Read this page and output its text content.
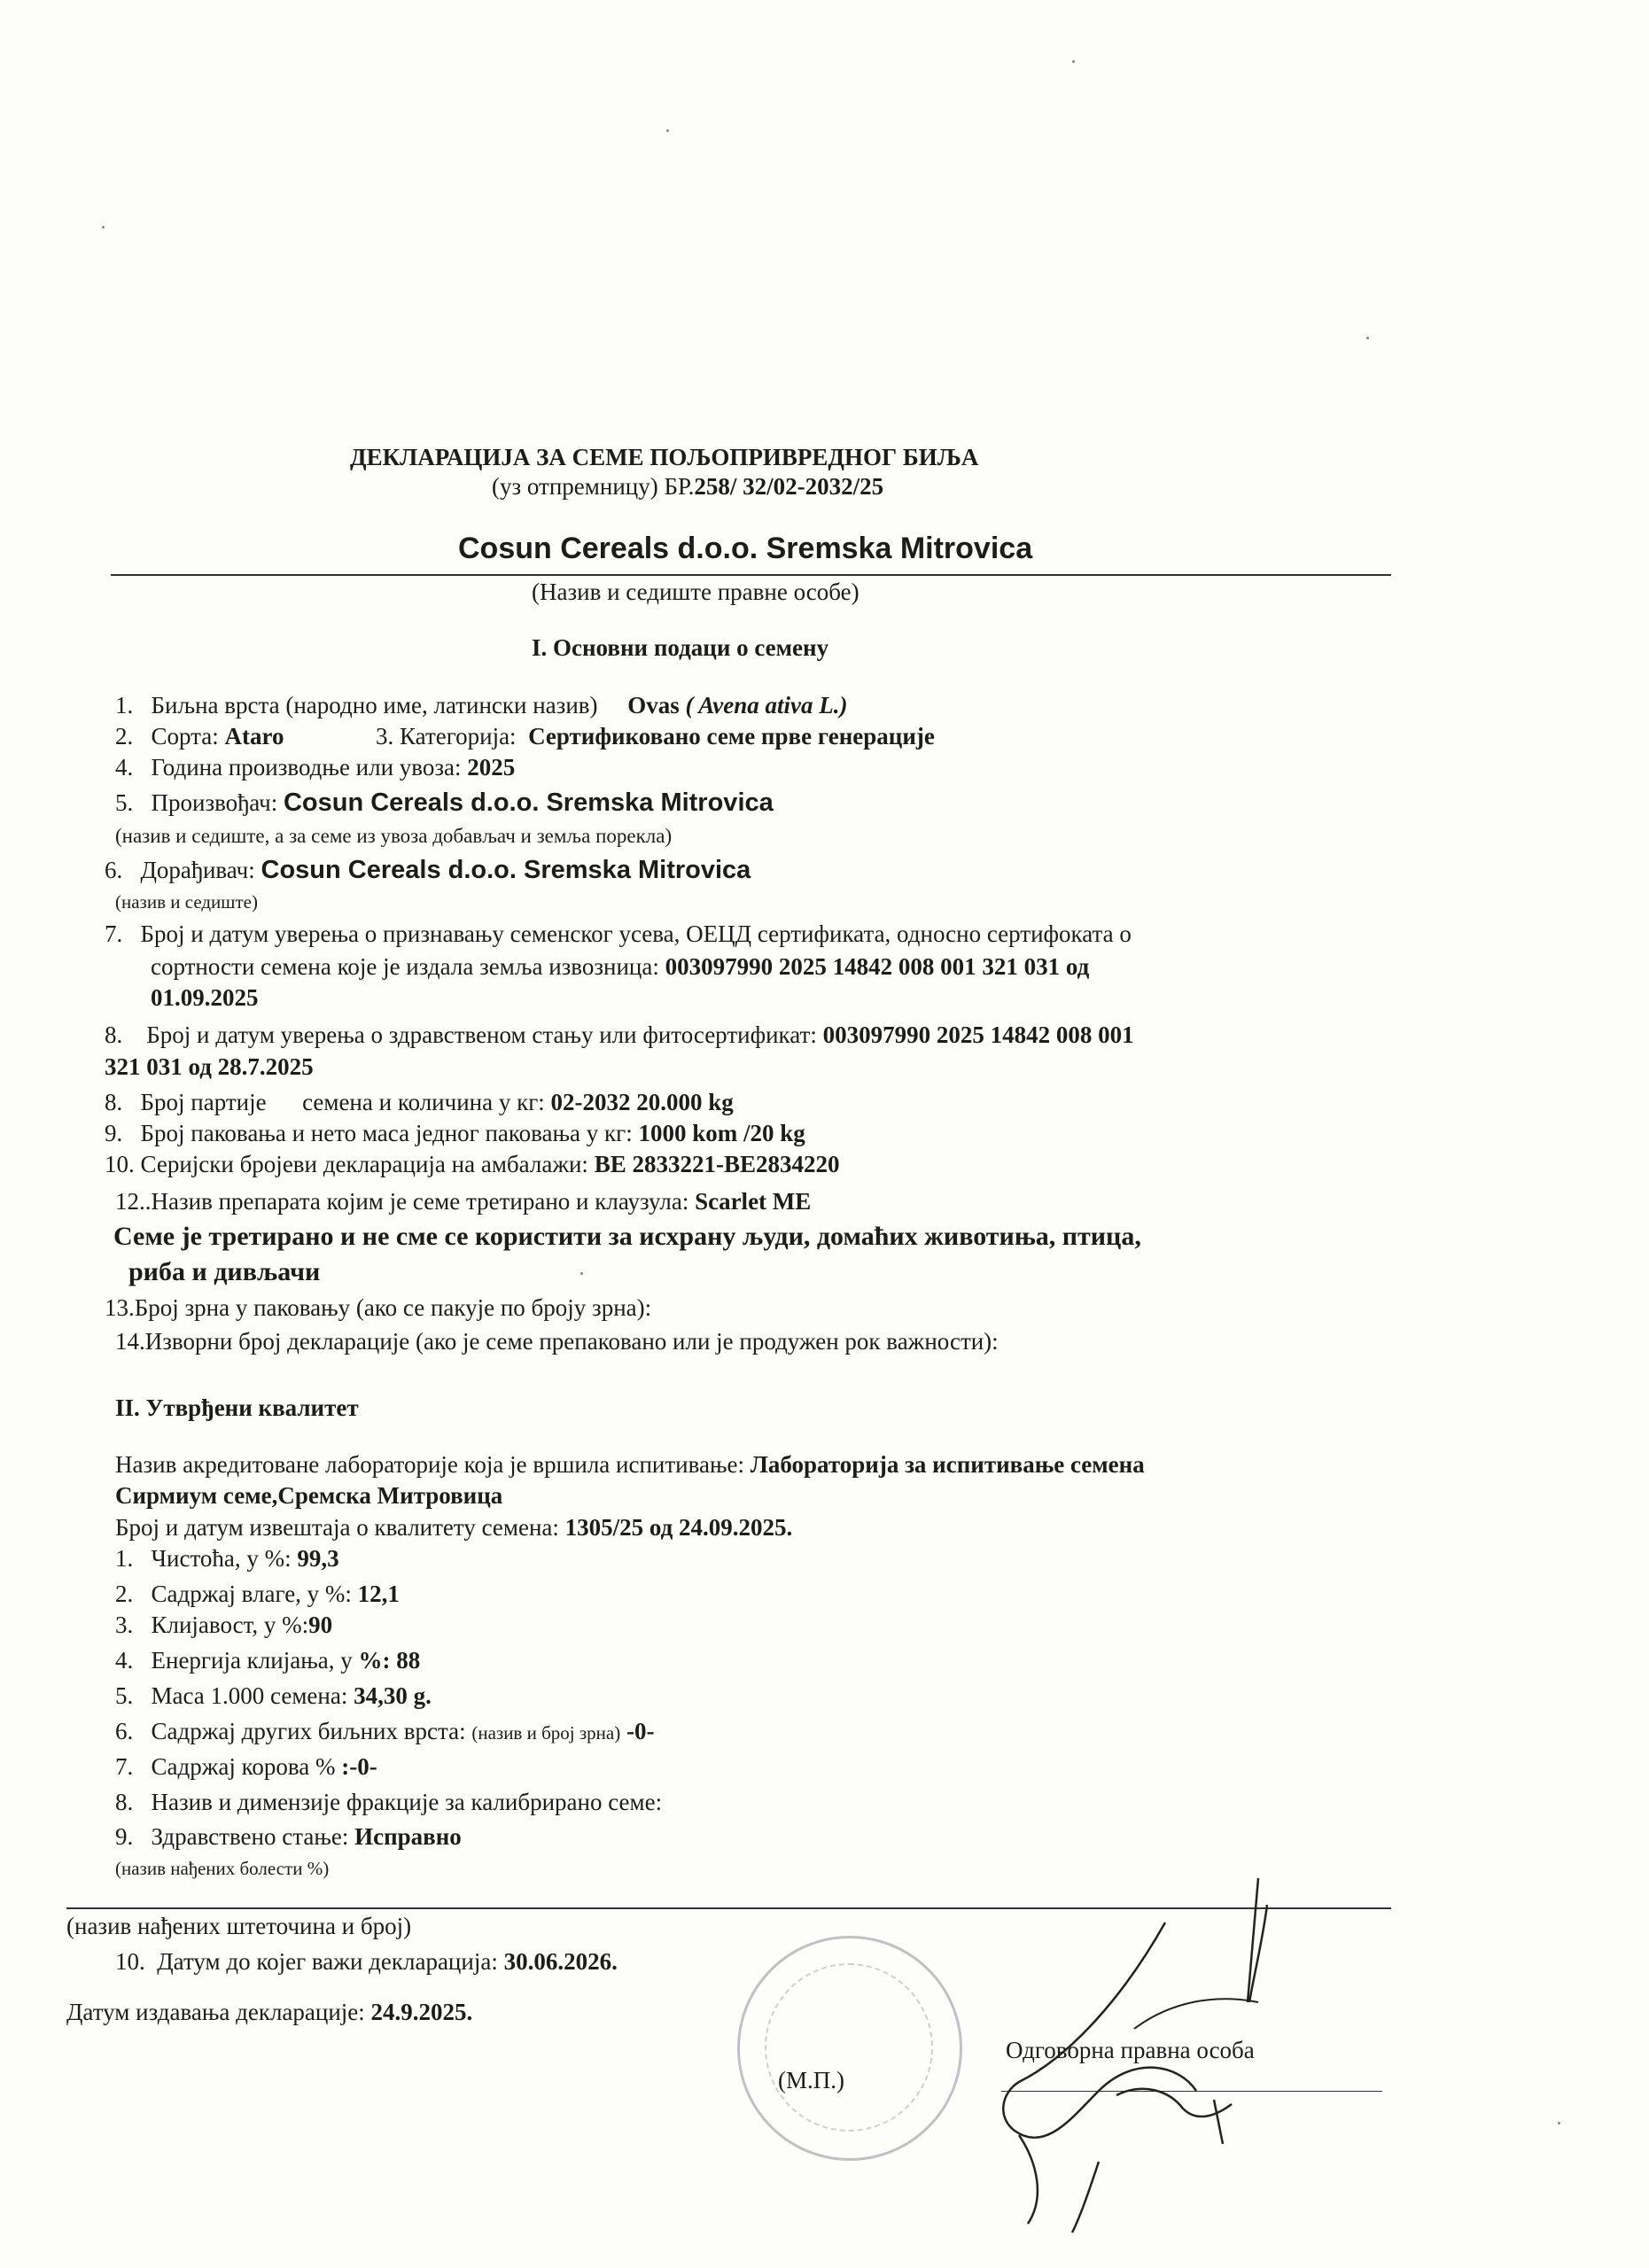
ДЕКЛАРАЦИЈА ЗА СЕМЕ ПОЉОПРИВРЕДНОГ БИЉА
(уз отпремницу) БР.258/ 32/02-2032/25
Cosun Cereals d.o.o. Sremska Mitrovica
(Назив и седиште правне особе)
I. Основни подаци о семену
1. Биљна врста (народно име, латински назив) Ovas ( Avena ativa L.)
2. Сорта: Ataro	3. Категорија: Сертификовано семе прве генерације
4. Година производње или увоза: 2025
5. Произвођач: Cosun Cereals d.o.o. Sremska Mitrovica
(назив и седиште, а за семе из увоза добављач и земља порекла)
6. Дорађивач: Cosun Cereals d.o.o. Sremska Mitrovica
(назив и седиште)
7. Број и датум уверења о признавању семенског усева, ОЕЦД сертификата, односно сертифоката о
сортности семена које је издала земља извозница: 003097990 2025 14842 008 001 321 031 од
01.09.2025
8. Број и датум уверења о здравственом стању или фитосертификат: 003097990 2025 14842 008 001
321 031 од 28.7.2025
8. Број партије      семена и количина у кг: 02-2032 20.000 kg
9. Број паковања и нето маса једног паковања у кг: 1000 kom /20 kg
10. Серијски бројеви декларација на амбалажи: BE 2833221-BE2834220
12..Назив препарата којим је семе третирано и клаузула: Scarlet ME
Семе је третирано и не сме се користити за исхрану људи, домаћих животиња, птица,
риба и дивљачи
13.Број зрна у паковању (ако се пакује по броју зрна):
14.Изворни број декларације (ако је семе препаковано или је продужен рок важности):
II. Утврђени квалитет
Назив акредитоване лабораторије која је вршила испитивање: Лабораторија за испитивање семена
Сирмиум семе,Сремска Митровица
Број и датум извештаја о квалитету семена: 1305/25 од 24.09.2025.
1. Чистоћа, у %: 99,3
2. Садржај влаге, у %: 12,1
3. Клијавост, у %:90
4. Енергија клијања, у %: 88
5. Маса 1.000 семена: 34,30 g.
6. Садржај других биљних врста: (назив и број зрна) -0-
7. Садржај корова % :-0-
8. Назив и димензије фракције за калибрирано семе:
9. Здравствено стање: Исправно
(назив нађених болести %)
(назив нађених штеточина и број)
10. Датум до којег важи декларација: 30.06.2026.
Датум издавања декларације: 24.9.2025.
(М.П.)
Одговорна правна особа
